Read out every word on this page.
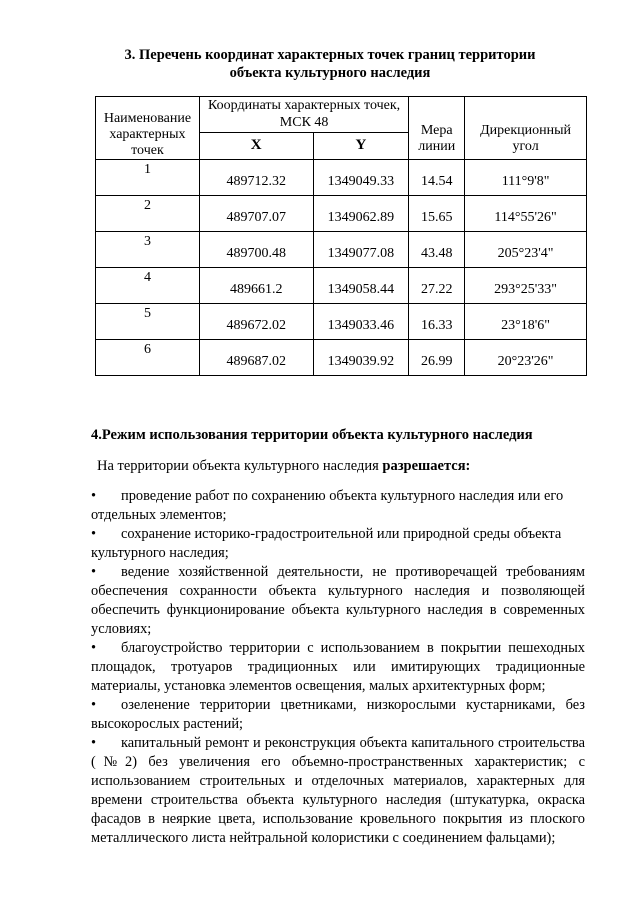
3. Перечень координат характерных точек границ территории
объекта культурного наследия
Наименование характерных точек	Координаты характерных точек, МСК 48		Мера линии	Дирекционный угол
	X	Y		
1	489712.32	1349049.33	14.54	111°9'8"
2	489707.07	1349062.89	15.65	114°55'26"
3	489700.48	1349077.08	43.48	205°23'4"
4	489661.2	1349058.44	27.22	293°25'33"
5	489672.02	1349033.46	16.33	23°18'6"
6	489687.02	1349039.92	26.99	20°23'26"
4.Режим использования территории объекта культурного наследия
На территории объекта культурного наследия разрешается:

• проведение работ по сохранению объекта культурного наследия или его отдельных элементов;

• сохранение историко-градостроительной или природной среды объекта культурного наследия;

• ведение хозяйственной деятельности, не противоречащей требованиям обеспечения сохранности объекта культурного наследия и позволяющей обеспечить функционирование объекта культурного наследия в современных условиях;

• благоустройство территории с использованием в покрытии пешеходных площадок, тротуаров традиционных или имитирующих традиционные материалы, установка элементов освещения, малых архитектурных форм;

• озеленение территории цветниками, низкорослыми кустарниками, без высокорослых растений;

• капитальный ремонт и реконструкция объекта капитального строительства (№2) без увеличения его объемно-пространственных характеристик; с использованием строительных и отделочных материалов, характерных для времени строительства объекта культурного наследия (штукатурка, окраска фасадов в неяркие цвета, использование кровельного покрытия из плоского металлического листа нейтральной колористики с соединением фальцами);
